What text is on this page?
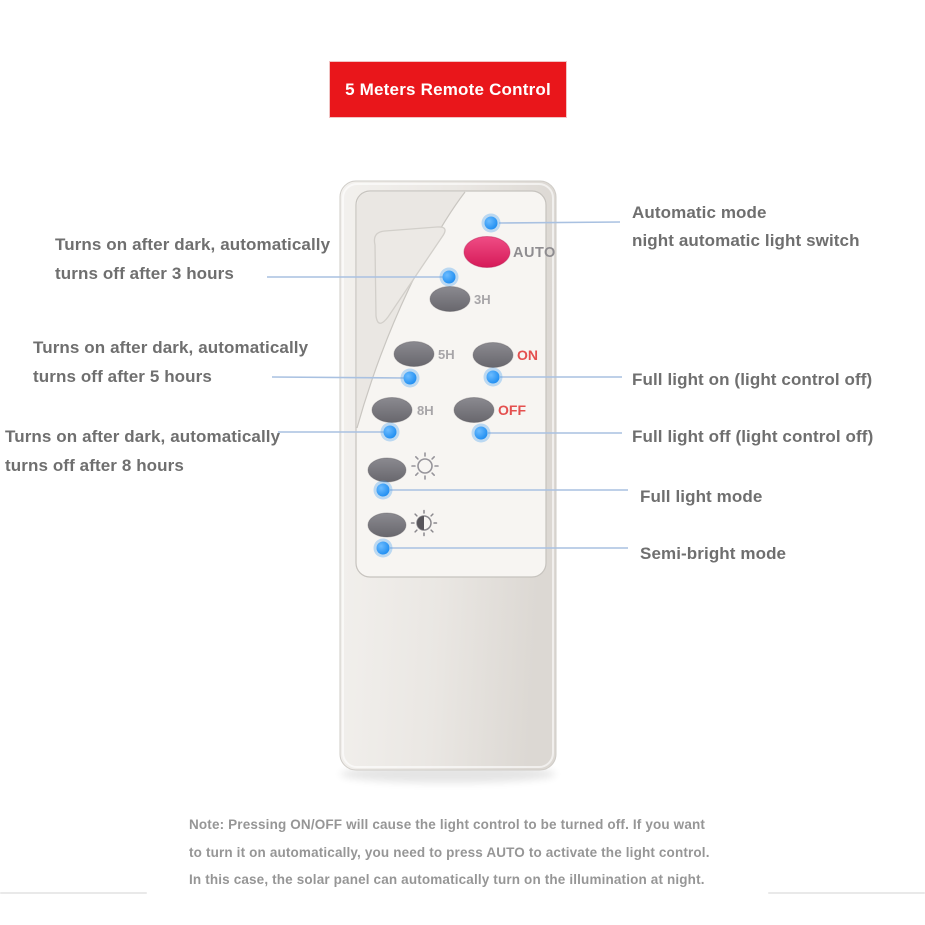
5 Meters Remote Control
Turns on after dark, automatically
turns off after 3 hours
Turns on after dark, automatically
turns off after 5 hours
Turns on after dark, automatically
turns off after 8 hours
Automatic mode
night automatic light switch
Full light on (light control off)
Full light off (light control off)
Full light mode
Semi-bright mode
AUTO
3H
5H	ON
8H	OFF
Note: Pressing ON/OFF will cause the light control to be turned off. If you want
to turn it on automatically, you need to press AUTO to activate the light control.
In this case, the solar panel can automatically turn on the illumination at night.
